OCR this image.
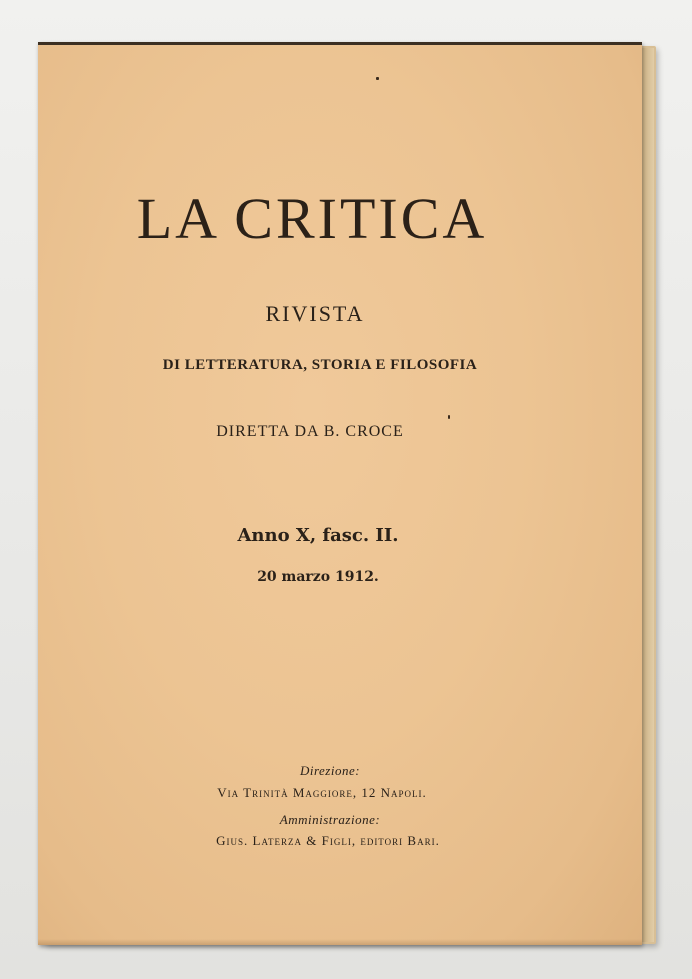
LA CRITICA
RIVISTA
DI LETTERATURA, STORIA E FILOSOFIA
DIRETTA DA B. CROCE
Anno X, fasc. II.
20 marzo 1912.
Direzione:
Via Trinità Maggiore, 12 Napoli.
Amministrazione:
Gius. Laterza & Figli, editori Bari.
